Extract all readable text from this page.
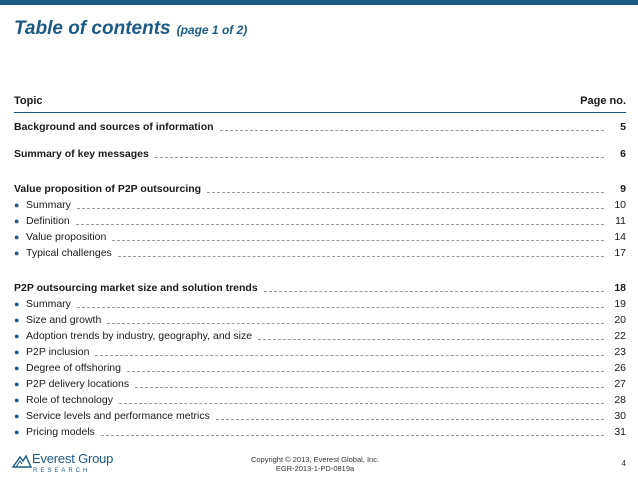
Table of contents (page 1 of 2)
Topic	Page no.
Background and sources of information	5
Summary of key messages	6
Value proposition of P2P outsourcing	9
● Summary	10
● Definition	11
● Value proposition	14
● Typical challenges	17
P2P outsourcing market size and solution trends	18
● Summary	19
● Size and growth	20
● Adoption trends by industry, geography, and size	22
● P2P inclusion	23
● Degree of offshoring	26
● P2P delivery locations	27
● Role of technology	28
● Service levels and performance metrics	30
● Pricing models	31
Everest Group
RESEARCH
Copyright © 2013, Everest Global, Inc.
EGR-2013-1-PD-0819a
4
